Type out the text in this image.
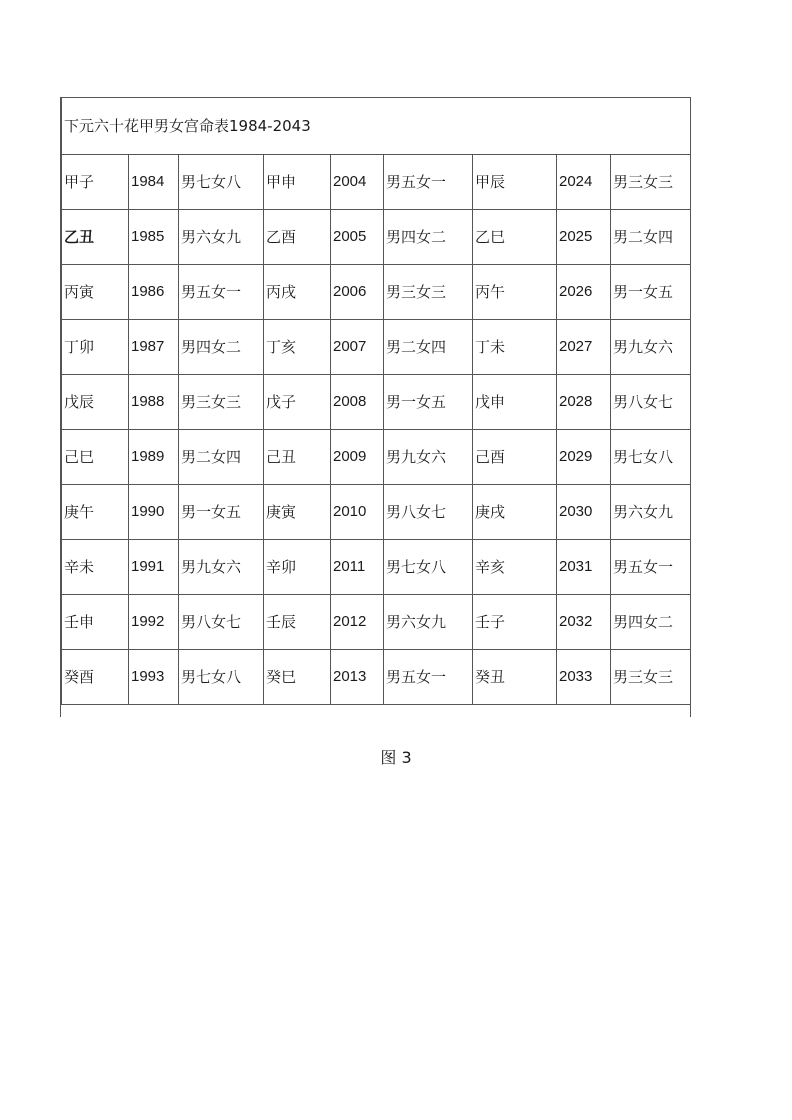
下元六十花甲男女宫命表1984-2043								
甲子	1984	男七女八	甲申	2004	男五女一	甲辰	2024	男三女三
乙丑	1985	男六女九	乙酉	2005	男四女二	乙巳	2025	男二女四
丙寅	1986	男五女一	丙戌	2006	男三女三	丙午	2026	男一女五
丁卯	1987	男四女二	丁亥	2007	男二女四	丁未	2027	男九女六
戊辰	1988	男三女三	戊子	2008	男一女五	戊申	2028	男八女七
己巳	1989	男二女四	己丑	2009	男九女六	己酉	2029	男七女八
庚午	1990	男一女五	庚寅	2010	男八女七	庚戌	2030	男六女九
辛未	1991	男九女六	辛卯	2011	男七女八	辛亥	2031	男五女一
壬申	1992	男八女七	壬辰	2012	男六女九	壬子	2032	男四女二
癸酉	1993	男七女八	癸巳	2013	男五女一	癸丑	2033	男三女三
图 3
